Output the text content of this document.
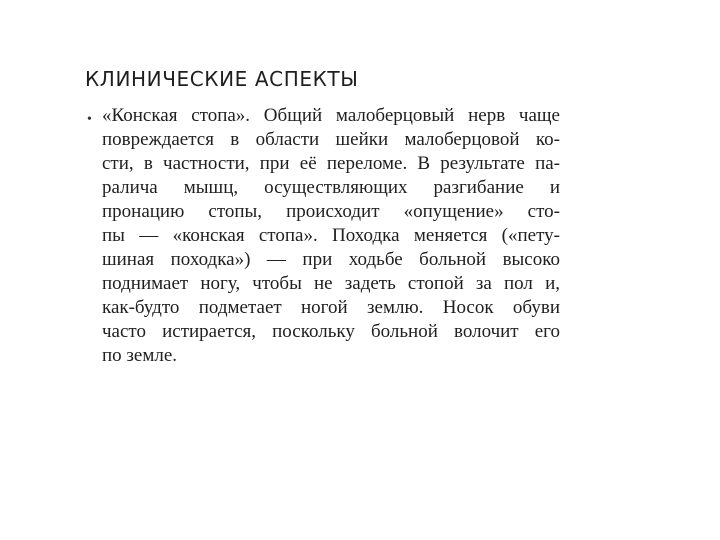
КЛИНИЧЕСКИЕ АСПЕКТЫ
• «Конская стопа». Общий малоберцовый нерв чаще
повреждается в области шейки малоберцовой ко-
сти, в частности, при её переломе. В результате па-
ралича мышц, осуществляющих разгибание и
пронацию стопы, происходит «опущение» сто-
пы — «конская стопа». Походка меняется («пету-
шиная походка») — при ходьбе больной высоко
поднимает ногу, чтобы не задеть стопой за пол и,
как-будто подметает ногой землю. Носок обуви
часто истирается, поскольку больной волочит его
по земле.
